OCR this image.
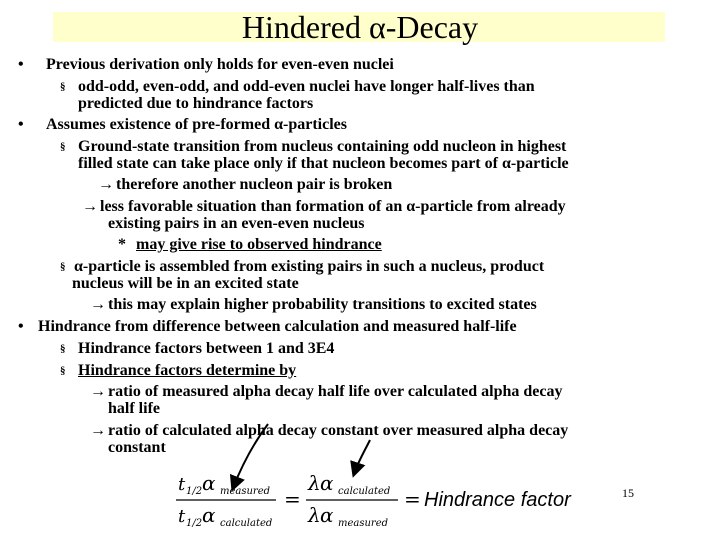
Hindered α-Decay
• Previous derivation only holds for even-even nuclei
§ odd-odd, even-odd, and odd-even nuclei have longer half-lives than
predicted due to hindrance factors
• Assumes existence of pre-formed α-particles
§ Ground-state transition from nucleus containing odd nucleon in highest
filled state can take place only if that nucleon becomes part of α-particle
→ therefore another nucleon pair is broken
→ less favorable situation than formation of an α-particle from already
existing pairs in an even-even nucleus
* may give rise to observed hindrance
§ α-particle is assembled from existing pairs in such a nucleus, product
nucleus will be in an excited state
→ this may explain higher probability transitions to excited states
• Hindrance from difference between calculation and measured half-life
§ Hindrance factors between 1 and 3E4
§ Hindrance factors determine by
→ ratio of measured alpha decay half life over calculated alpha decay
half life
→ ratio of calculated alpha decay constant over measured alpha decay
constant
t 1/2 α measured
t 1/2 α calculated
=
λ α calculated
λ α measured
= Hindrance factor	15
